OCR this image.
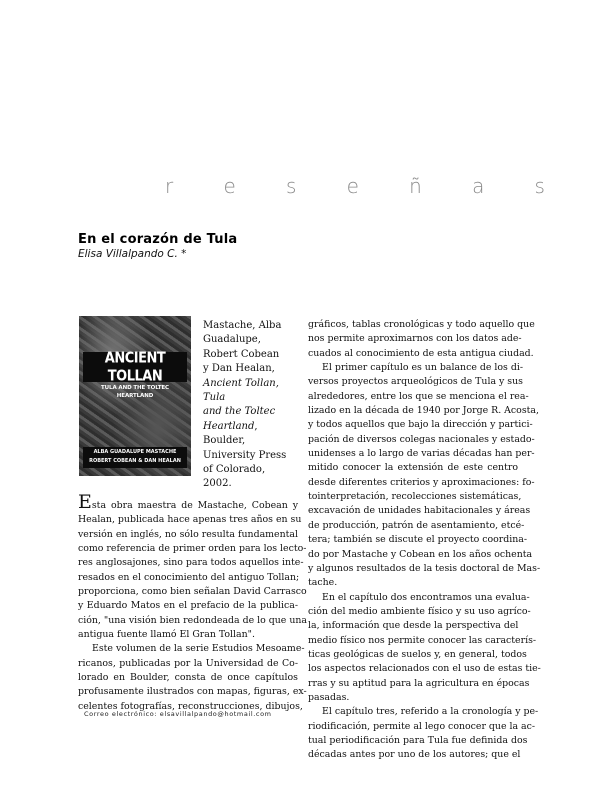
r	e	s	e	ñ	a	s
En el corazón de Tula
Elisa Villalpando C. *
ANCIENT TOLLAN
TULA AND THE TOLTEC HEARTLAND
ALBA GUADALUPE MASTACHE
ROBERT COBEAN & DAN HEALAN
Mastache, Alba
Guadalupe,
Robert Cobean
y Dan Healan,
Ancient Tollan, Tula
and the Toltec
Heartland,
Boulder,
University Press
of Colorado,
2002.
Esta obra maestra de Mastache, Cobean y
Healan, publicada hace apenas tres años en su
versión en inglés, no sólo resulta fundamental
como referencia de primer orden para los lecto-
res anglosajones, sino para todos aquellos inte-
resados en el conocimiento del antiguo Tollan;
proporciona, como bien señalan David Carrasco
y Eduardo Matos en el prefacio de la publica-
ción, "una visión bien redondeada de lo que una
antigua fuente llamó El Gran Tollan".
Este volumen de la serie Estudios Mesoame-
ricanos, publicadas por la Universidad de Co-
lorado en Boulder, consta de once capítulos
profusamente ilustrados con mapas, figuras, ex-
celentes fotografías, reconstrucciones, dibujos,
gráficos, tablas cronológicas y todo aquello que
nos permite aproximarnos con los datos ade-
cuados al conocimiento de esta antigua ciudad.
El primer capítulo es un balance de los di-
versos proyectos arqueológicos de Tula y sus
alrededores, entre los que se menciona el rea-
lizado en la década de 1940 por Jorge R. Acosta,
y todos aquellos que bajo la dirección y partici-
pación de diversos colegas nacionales y estado-
unidenses a lo largo de varias décadas han per-
mitido conocer la extensión de este centro
desde diferentes criterios y aproximaciones: fo-
tointerpretación, recolecciones sistemáticas,
excavación de unidades habitacionales y áreas
de producción, patrón de asentamiento, etcé-
tera; también se discute el proyecto coordina-
do por Mastache y Cobean en los años ochenta
y algunos resultados de la tesis doctoral de Mas-
tache.
En el capítulo dos encontramos una evalua-
ción del medio ambiente físico y su uso agríco-
la, información que desde la perspectiva del
medio físico nos permite conocer las caracterís-
ticas geológicas de suelos y, en general, todos
los aspectos relacionados con el uso de estas tie-
rras y su aptitud para la agricultura en épocas
pasadas.
El capítulo tres, referido a la cronología y pe-
riodificación, permite al lego conocer que la ac-
tual periodificación para Tula fue definida dos
décadas antes por uno de los autores; que el
Correo electrónico: elsavillalpando@hotmail.com
